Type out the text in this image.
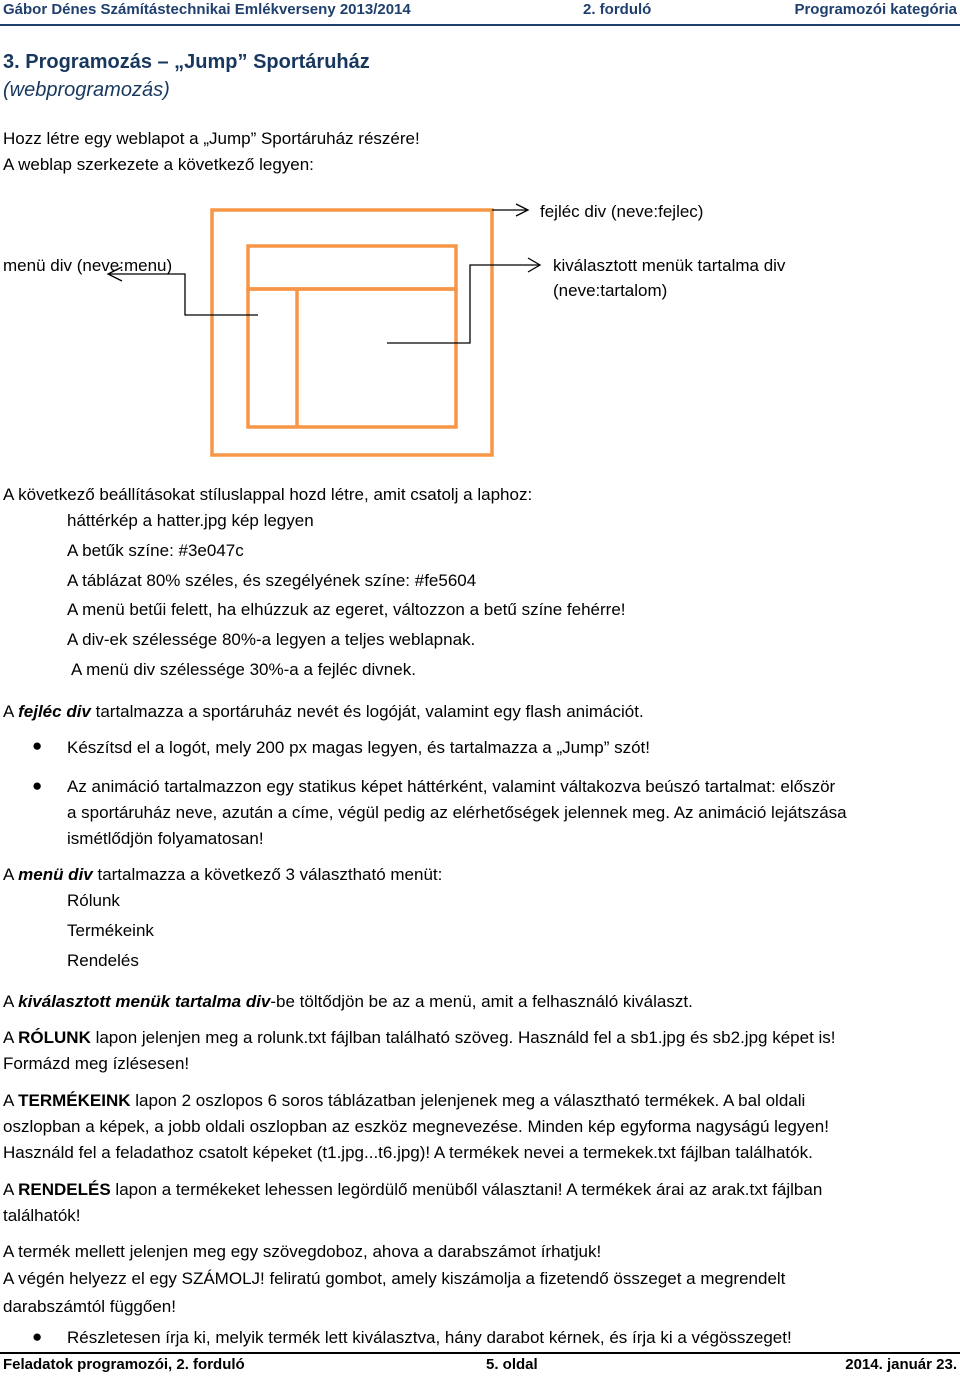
Gábor Dénes Számítástechnikai Emlékverseny 2013/2014	2. forduló	Programozói kategória
3. Programozás – „Jump” Sportáruház
(webprogramozás)
Hozz létre egy weblapot a „Jump” Sportáruház részére!
A weblap szerkezete a következő legyen:
fejléc div (neve:fejlec)
menü div (neve:menu)	kiválasztott menük tartalma div
(neve:tartalom)
A következő beállításokat stíluslappal hozd létre, amit csatolj a laphoz:
háttérkép a hatter.jpg kép legyen
A betűk színe: #3e047c
A táblázat 80% széles, és szegélyének színe: #fe5604
A menü betűi felett, ha elhúzzuk az egeret, változzon a betű színe fehérre!
A div-ek szélessége 80%-a legyen a teljes weblapnak.
A menü div szélessége 30%-a a fejléc divnek.
A fejléc div tartalmazza a sportáruház nevét és logóját, valamint egy flash animációt.
● Készítsd el a logót, mely 200 px magas legyen, és tartalmazza a „Jump” szót!
● Az animáció tartalmazzon egy statikus képet háttérként, valamint váltakozva beúszó tartalmat: először
a sportáruház neve, azután a címe, végül pedig az elérhetőségek jelennek meg. Az animáció lejátszása
ismétlődjön folyamatosan!
A menü div tartalmazza a következő 3 választható menüt:
Rólunk
Termékeink
Rendelés
A kiválasztott menük tartalma div-be töltődjön be az a menü, amit a felhasználó kiválaszt.
A RÓLUNK lapon jelenjen meg a rolunk.txt fájlban található szöveg. Használd fel a sb1.jpg és sb2.jpg képet is!
Formázd meg ízlésesen!
A TERMÉKEINK lapon 2 oszlopos 6 soros táblázatban jelenjenek meg a választható termékek. A bal oldali
oszlopban a képek, a jobb oldali oszlopban az eszköz megnevezése. Minden kép egyforma nagyságú legyen!
Használd fel a feladathoz csatolt képeket (t1.jpg...t6.jpg)! A termékek nevei a termekek.txt fájlban találhatók.
A RENDELÉS lapon a termékeket lehessen legördülő menüből választani! A termékek árai az arak.txt fájlban
találhatók!
A termék mellett jelenjen meg egy szövegdoboz, ahova a darabszámot írhatjuk!
A végén helyezz el egy SZÁMOLJ! feliratú gombot, amely kiszámolja a fizetendő összeget a megrendelt
darabszámtól függően!
● Részletesen írja ki, melyik termék lett kiválasztva, hány darabot kérnek, és írja ki a végösszeget!
Feladatok programozói, 2. forduló	5. oldal	2014. január 23.
